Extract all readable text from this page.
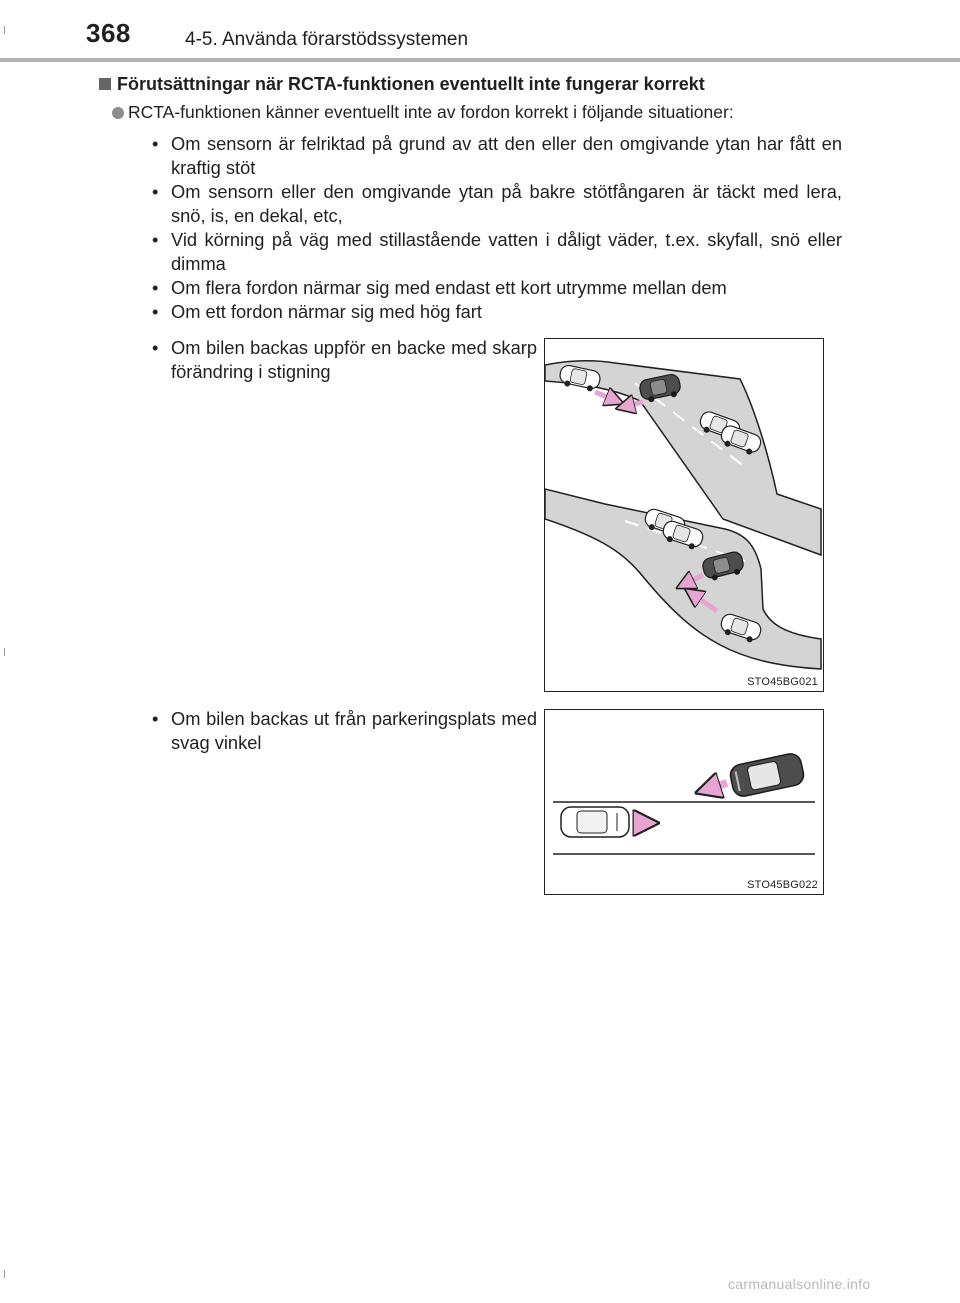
368	4-5. Använda förarstödssystemen
Förutsättningar när RCTA-funktionen eventuellt inte fungerar korrekt
RCTA-funktionen känner eventuellt inte av fordon korrekt i följande situationer:
• Om sensorn är felriktad på grund av att den eller den omgivande ytan har fått en kraftig stöt
• Om sensorn eller den omgivande ytan på bakre stötfångaren är täckt med lera, snö, is, en dekal, etc,
• Vid körning på väg med stillastående vatten i dåligt väder, t.ex. skyfall, snö eller dimma
• Om flera fordon närmar sig med endast ett kort utrymme mellan dem
• Om ett fordon närmar sig med hög fart

• Om bilen backas uppför en backe med skarp förändring i stigning

• Om bilen backas ut från parkeringsplats med svag vinkel

STO45BG021
STO45BG022
carmanualsonline.info
